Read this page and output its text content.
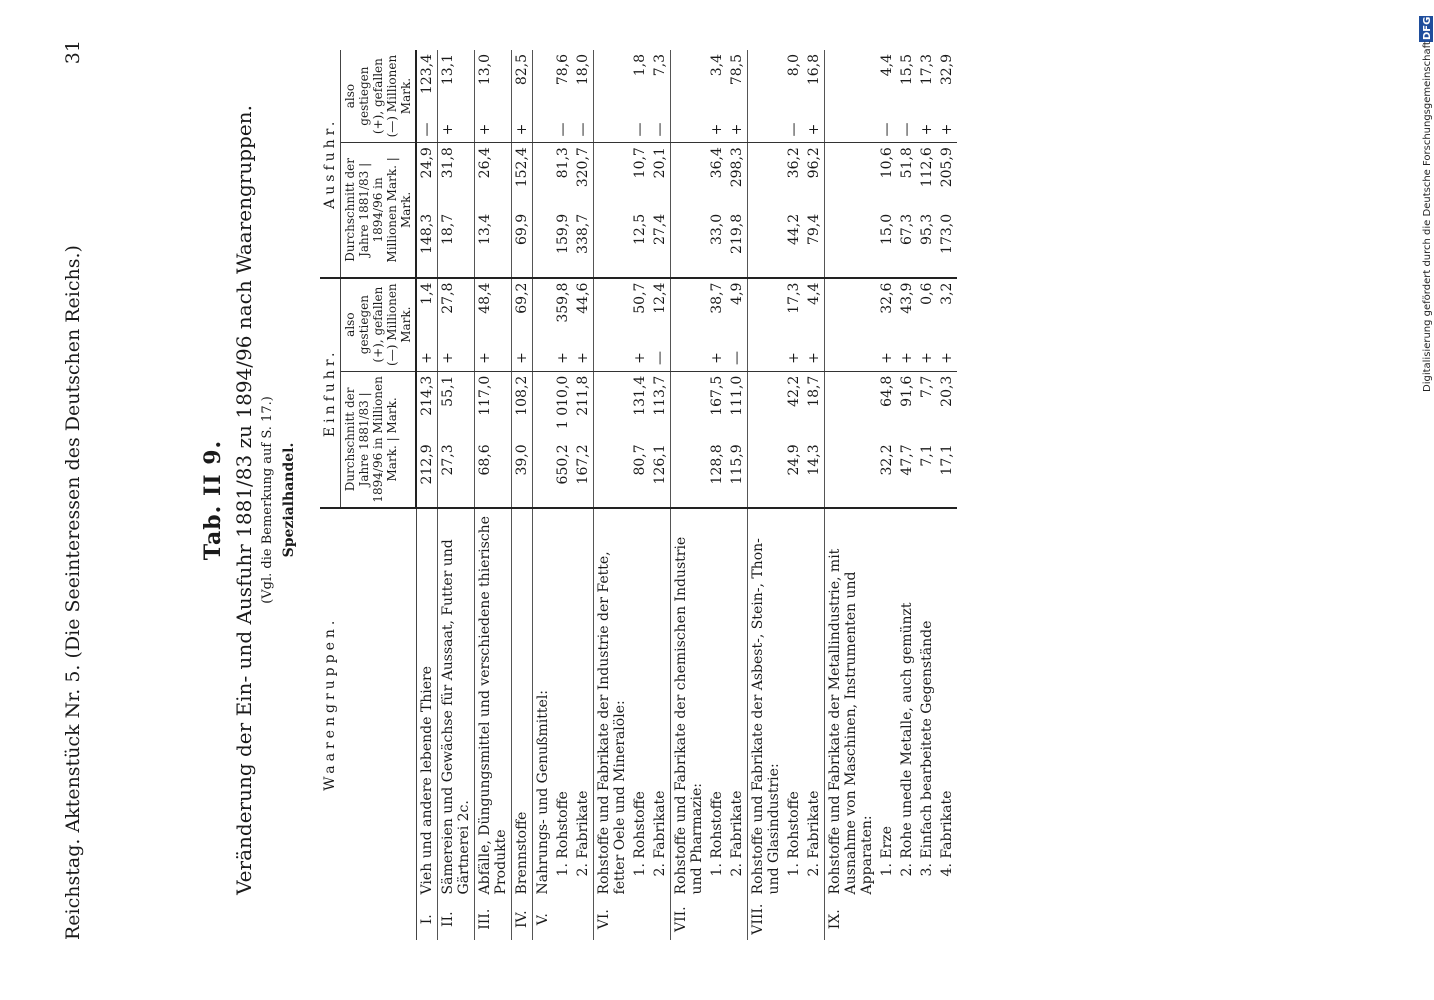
Reichstag. Aktenstück Nr. 5. (Die Seeinteressen des Deutschen Reichs.)
31
Tab. II 9. Veränderung der Ein- und Ausfuhr 1881/83 zu 1894/96 nach Waarengruppen. (Vgl. die Bemerkung auf S. 17.) Spezialhandel.
	Waarengruppen.	Einfuhr.				Ausfuhr.			
		Durchschnitt der Jahre 1881/83 | 1894/96 in Millionen Mark. | Mark.		also gestiegen (+), gefallen (—) Millionen Mark.		Durchschnitt der Jahre 1881/83 | 1894/96 in Millionen Mark. | Mark.		also gestiegen (+), gefallen (—) Millionen Mark.	
I.	Vieh und andere lebende Thiere	212,9	214,3	+	1,4	148,3	24,9	—	123,4
II.	Sämereien und Gewächse für Aussaat, Futter und Gärtnerei 2c.	27,3	55,1	+	27,8	18,7	31,8	+	13,1
III.	Abfälle, Düngungsmittel und verschiedene thierische Produkte	68,6	117,0	+	48,4	13,4	26,4	+	13,0
IV.	Brennstoffe	39,0	108,2	+	69,2	69,9	152,4	+	82,5
V.	Nahrungs- und Genußmittel:								
	1. Rohstoffe	650,2	1 010,0	+	359,8	159,9	81,3	—	78,6
	2. Fabrikate	167,2	211,8	+	44,6	338,7	320,7	—	18,0
VI.	Rohstoffe und Fabrikate der Industrie der Fette, fetter Oele und Mineralöle:								
	1. Rohstoffe	80,7	131,4	+	50,7	12,5	10,7	—	1,8
	2. Fabrikate	126,1	113,7	—	12,4	27,4	20,1	—	7,3
VII.	Rohstoffe und Fabrikate der chemischen Industrie und Pharmazie:								
	1. Rohstoffe	128,8	167,5	+	38,7	33,0	36,4	+	3,4
	2. Fabrikate	115,9	111,0	—	4,9	219,8	298,3	+	78,5
VIII.	Rohstoffe und Fabrikate der Asbest-, Stein-, Thon- und Glasindustrie:								
	1. Rohstoffe	24,9	42,2	+	17,3	44,2	36,2	—	8,0
	2. Fabrikate	14,3	18,7	+	4,4	79,4	96,2	+	16,8
IX.	Rohstoffe und Fabrikate der Metallindustrie, mit Ausnahme von Maschinen, Instrumenten und Apparaten:								
	1. Erze	32,2	64,8	+	32,6	15,0	10,6	—	4,4
	2. Rohe unedle Metalle, auch gemünzt	47,7	91,6	+	43,9	67,3	51,8	—	15,5
	3. Einfach bearbeitete Gegenstände	7,1	7,7	+	0,6	95,3	112,6	+	17,3
	4. Fabrikate	17,1	20,3	+	3,2	173,0	205,9	+	32,9
DFG
Digitalisierung gefördert durch die Deutsche Forschungsgemeinschaft
